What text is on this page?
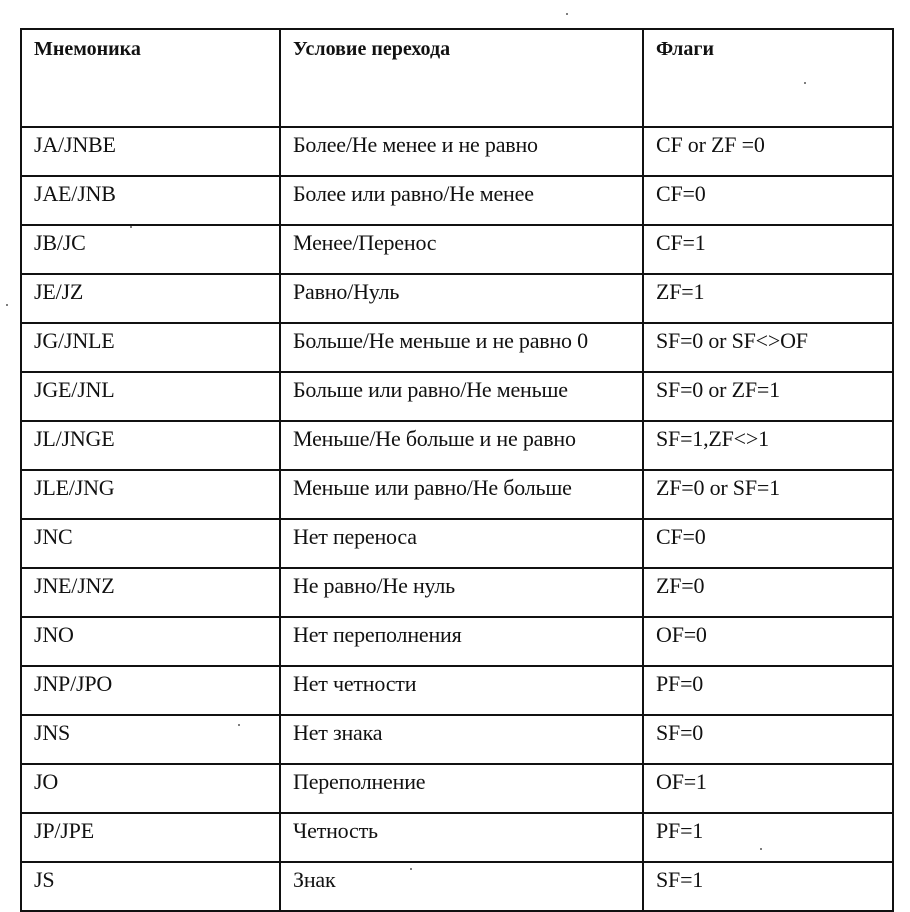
Мнемоника	Условие перехода	Флаги
JA/JNBE	Более/Не менее и не равно	CF or ZF =0
JAE/JNB	Более или равно/Не менее	CF=0
JB/JC	Менее/Перенос	CF=1
JE/JZ	Равно/Нуль	ZF=1
JG/JNLE	Больше/Не меньше и не равно 0	SF=0 or SF<>OF
JGE/JNL	Больше или равно/Не меньше	SF=0 or ZF=1
JL/JNGE	Меньше/Не больше и не равно	SF=1,ZF<>1
JLE/JNG	Меньше или равно/Не больше	ZF=0 or SF=1
JNC	Нет переноса	CF=0
JNE/JNZ	Не равно/Не нуль	ZF=0
JNO	Нет переполнения	OF=0
JNP/JPO	Нет четности	PF=0
JNS	Нет знака	SF=0
JO	Переполнение	OF=1
JP/JPE	Четность	PF=1
JS	Знак	SF=1
